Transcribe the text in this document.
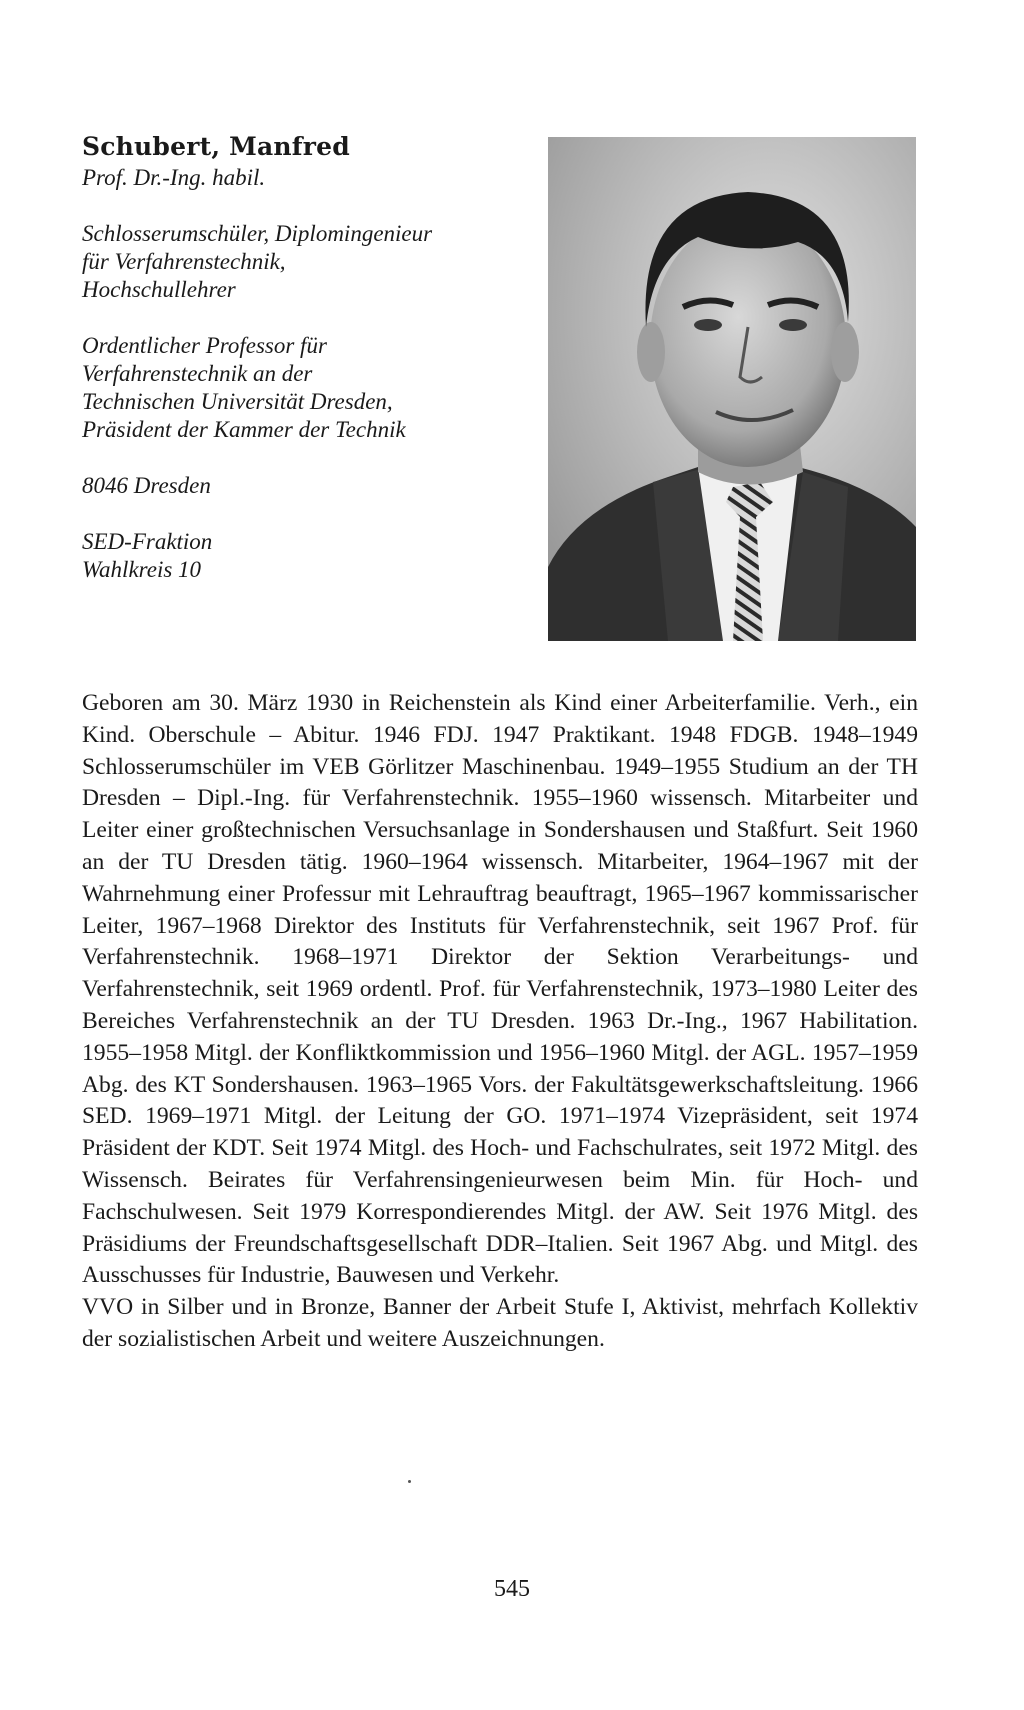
Schubert, Manfred
Prof. Dr.-Ing. habil.
Schlosserumschüler, Diplomingenieur
für Verfahrenstechnik,
Hochschullehrer
Ordentlicher Professor für
Verfahrenstechnik an der
Technischen Universität Dresden,
Präsident der Kammer der Technik
8046 Dresden
SED-Fraktion
Wahlkreis 10

Geboren am 30. März 1930 in Reichenstein als Kind einer Arbeiterfamilie. Verh., ein Kind. Oberschule – Abitur. 1946 FDJ. 1947 Praktikant. 1948 FDGB. 1948–1949 Schlosserumschüler im VEB Görlitzer Maschinenbau. 1949–1955 Studium an der TH Dresden – Dipl.-Ing. für Verfahrenstechnik. 1955–1960 wissensch. Mitarbeiter und Leiter einer großtechnischen Versuchsanlage in Sondershausen und Staßfurt. Seit 1960 an der TU Dresden tätig. 1960–1964 wissensch. Mitarbeiter, 1964–1967 mit der Wahrnehmung einer Professur mit Lehrauftrag beauftragt, 1965–1967 kommissarischer Leiter, 1967–1968 Direktor des Instituts für Verfahrenstechnik, seit 1967 Prof. für Verfahrenstechnik. 1968–1971 Direktor der Sektion Verarbeitungs- und Verfahrenstechnik, seit 1969 ordentl. Prof. für Verfahrenstechnik, 1973–1980 Leiter des Bereiches Verfahrenstechnik an der TU Dresden. 1963 Dr.-Ing., 1967 Habilitation. 1955–1958 Mitgl. der Konfliktkommission und 1956–1960 Mitgl. der AGL. 1957–1959 Abg. des KT Sondershausen. 1963–1965 Vors. der Fakultätsgewerkschaftsleitung. 1966 SED. 1969–1971 Mitgl. der Leitung der GO. 1971–1974 Vizepräsident, seit 1974 Präsident der KDT. Seit 1974 Mitgl. des Hoch- und Fachschulrates, seit 1972 Mitgl. des Wissensch. Beirates für Verfahrensingenieurwesen beim Min. für Hoch- und Fachschulwesen. Seit 1979 Korrespondierendes Mitgl. der AW. Seit 1976 Mitgl. des Präsidiums der Freundschaftsgesellschaft DDR–Italien. Seit 1967 Abg. und Mitgl. des Ausschusses für Industrie, Bauwesen und Verkehr.

VVO in Silber und in Bronze, Banner der Arbeit Stufe I, Aktivist, mehrfach Kollektiv der sozialistischen Arbeit und weitere Auszeichnungen.

545
